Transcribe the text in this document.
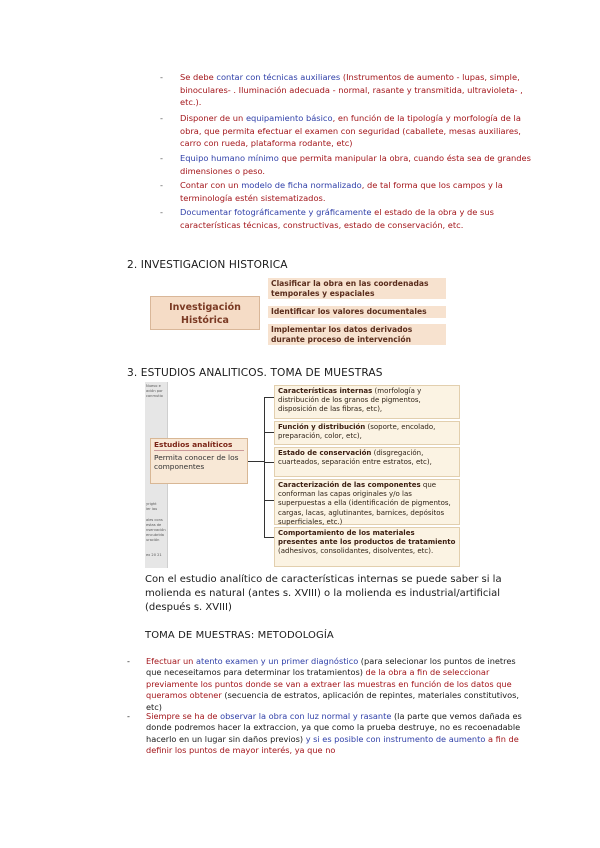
- Se debe contar con técnicas auxiliares (Instrumentos de aumento - lupas, simple, binoculares- . Iluminación adecuada - normal, rasante y transmitida, ultravioleta- , etc.).
- Disponer de un equipamiento básico, en función de la tipología y morfología de la obra, que permita efectuar el examen con seguridad (caballete, mesas auxiliares, carro con rueda, plataforma rodante, etc)
- Equipo humano mínimo que permita manipular la obra, cuando ésta sea de grandes dimensiones o peso.
- Contar con un modelo de ficha normalizado, de tal forma que los campos y la terminología estén sistematizados.
- Documentar fotográficamente y gráficamente el estado de la obra y de sus características técnicas, constructivas, estado de conservación, etc.
2. INVESTIGACION HISTORICA
Investigación Histórica
Clasificar la obra en las coordenadas temporales y espaciales
Identificar los valores documentales
Implementar los datos derivados durante proceso de intervención
3. ESTUDIOS ANALITICOS. TOMA DE MUESTRAS
Nuevo e
ación por
conmutio
yright
ier iau
ales cons
estas de
nservación
encubrida
uración
ex 20 21
Estudios analíticos
Permita conocer de los componentes
Características internas (morfología y distribución de los granos de pigmentos, disposición de las fibras, etc),
Función y distribución (soporte, encolado, preparación, color, etc),
Estado de conservación (disgregación, cuarteados, separación entre estratos, etc),
Caracterización de las componentes que conforman las capas originales y/o las superpuestas a ella (identificación de pigmentos, cargas, lacas, aglutinantes, barnices, depósitos superficiales, etc.)
Comportamiento de los materiales presentes ante los productos de tratamiento (adhesivos, consolidantes, disolventes, etc).
Con el estudio analítico de características internas se puede saber si la molienda es natural (antes s. XVIII) o la molienda es industrial/artificial (después s. XVIII)
TOMA DE MUESTRAS: METODOLOGÍA
- Efectuar un atento examen y un primer diagnóstico (para selecionar los puntos de inetres que neceseitamos para determinar los tratamientos) de la obra a fin de seleccionar previamente los puntos donde se van a extraer las muestras en función de los datos que queramos obtener (secuencia de estratos, aplicación de repintes, materiales constitutivos, etc)
- Siempre se ha de observar la obra con luz normal y rasante (la parte que vemos dañada es donde podremos hacer la extraccion, ya que como la prueba destruye, no es recoenadable hacerlo en un lugar sin daños previos) y si es posible con instrumento de aumento a fin de definir los puntos de mayor interés, ya que no
